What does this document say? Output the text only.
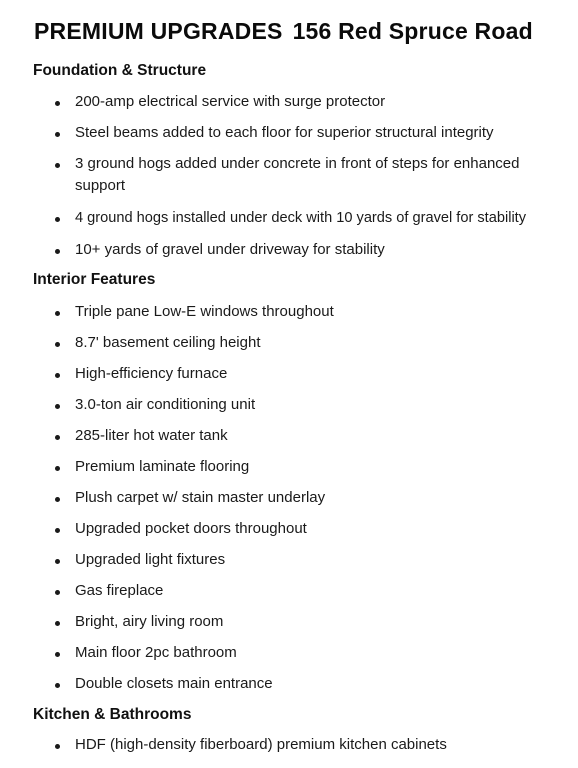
PREMIUM UPGRADES 156 Red Spruce Road
Foundation & Structure
200-amp electrical service with surge protector
Steel beams added to each floor for superior structural integrity
3 ground hogs added under concrete in front of steps for enhanced support
4 ground hogs installed under deck with 10 yards of gravel for stability
10+ yards of gravel under driveway for stability
Interior Features
Triple pane Low-E windows throughout
8.7' basement ceiling height
High-efficiency furnace
3.0-ton air conditioning unit
285-liter hot water tank
Premium laminate flooring
Plush carpet w/ stain master underlay
Upgraded pocket doors throughout
Upgraded light fixtures
Gas fireplace
Bright, airy living room
Main floor 2pc bathroom
Double closets main entrance
Kitchen & Bathrooms
HDF (high-density fiberboard) premium kitchen cabinets
